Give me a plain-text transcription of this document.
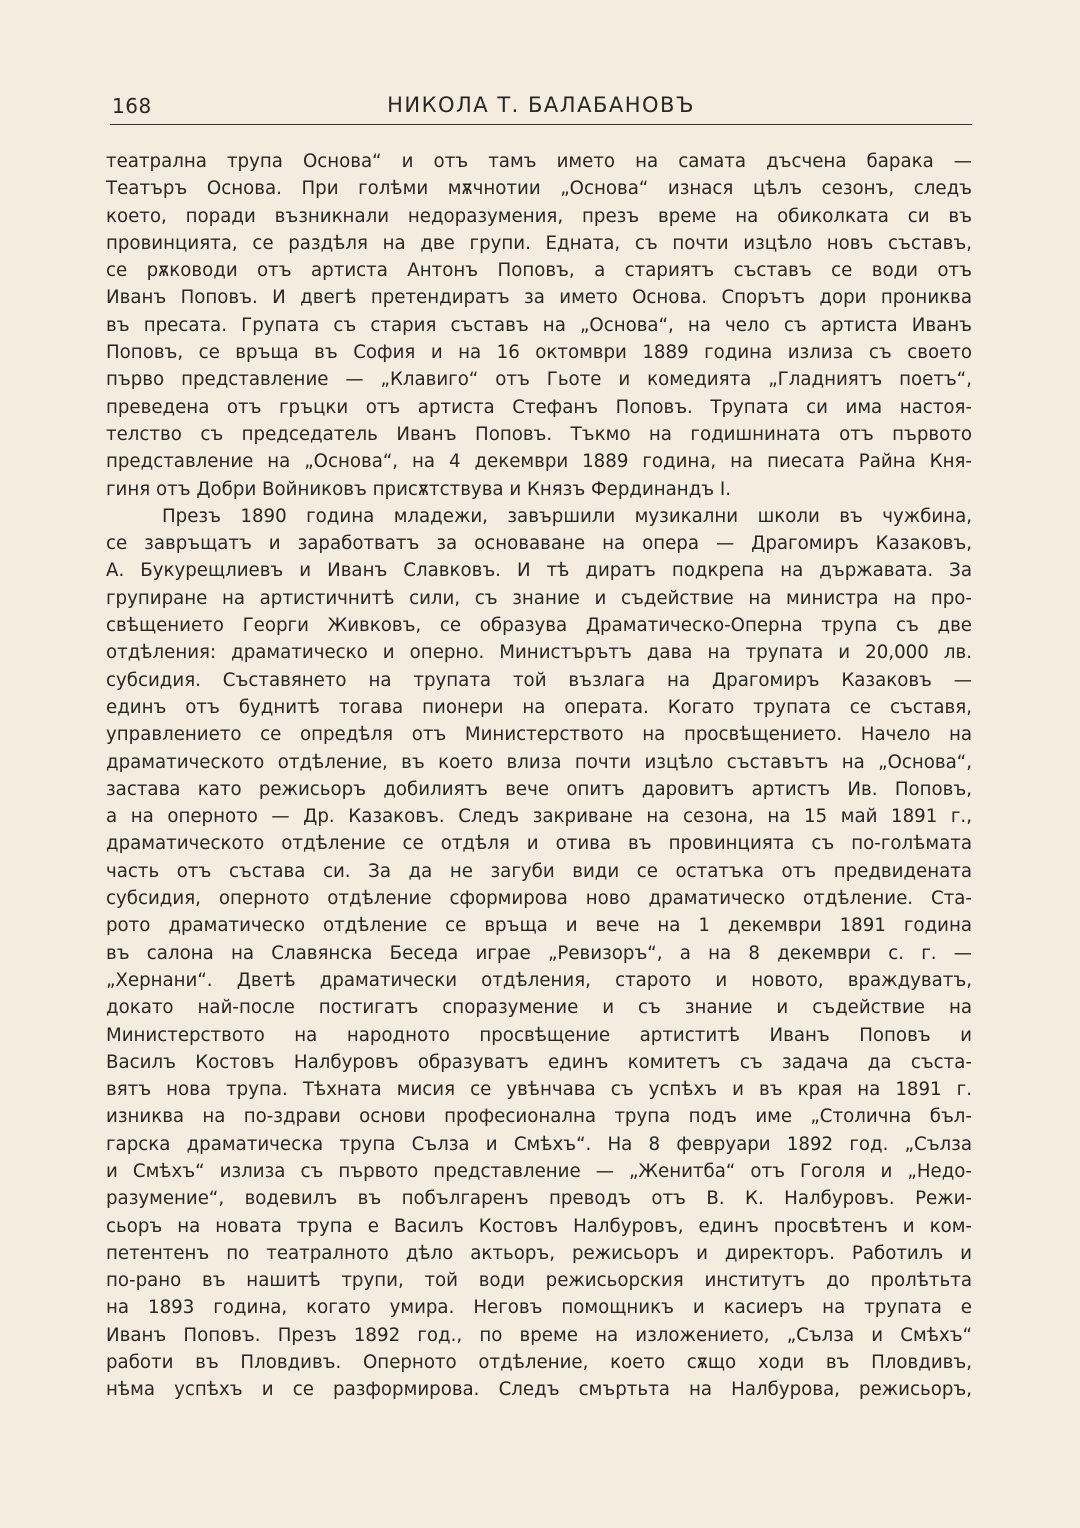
168	НИКОЛА Т. БАЛАБАНОВЪ
театрална трупа Основа“ и отъ тамъ името на самата дъсчена барака —
Театъръ Основа. При голѣми мѫчнотии „Основа“ изнася цѣлъ сезонъ, следъ
което, поради възникнали недоразумения, презъ време на обиколката си въ
провинцията, се раздѣля на две групи. Едната, съ почти изцѣло новъ съставъ,
се рѫководи отъ артиста Антонъ Поповъ, а стариятъ съставъ се води отъ
Иванъ Поповъ. И двегѣ претендиратъ за името Основа. Спорътъ дори прониква
въ пресата. Групата съ стария съставъ на „Основа“, на чело съ артиста Иванъ
Поповъ, се връща въ София и на 16 октомври 1889 година излиза съ своето
първо представление — „Клавиго“ отъ Гьоте и комедията „Гладниятъ поетъ“,
преведена отъ гръцки отъ артиста Стефанъ Поповъ. Трупата си има настоя-
телство съ председатель Иванъ Поповъ. Тъкмо на годишнината отъ първото
представление на „Основа“, на 4 декември 1889 година, на пиесата Райна Кня-
гиня отъ Добри Войниковъ присѫтствува и Князъ Фердинандъ I.
Презъ 1890 година младежи, завършили музикални школи въ чужбина,
се завръщатъ и заработватъ за основаване на опера — Драгомиръ Казаковъ,
А. Букурещлиевъ и Иванъ Славковъ. И тѣ диратъ подкрепа на държавата. За
групиране на артистичнитѣ сили, съ знание и съдействие на министра на про-
свѣщението Георги Живковъ, се образува Драматическо-Оперна трупа съ две
отдѣления: драматическо и оперно. Министърътъ дава на трупата и 20,000 лв.
субсидия. Съставянето на трупата той възлага на Драгомиръ Казаковъ —
единъ отъ буднитѣ тогава пионери на операта. Когато трупата се съставя,
управлението се опредѣля отъ Министерството на просвѣщението. Начело на
драматическото отдѣление, въ което влиза почти изцѣло съставътъ на „Основа“,
застава като режисьоръ добилиятъ вече опитъ даровитъ артистъ Ив. Поповъ,
а на оперното — Др. Казаковъ. Следъ закриване на сезона, на 15 май 1891 г.,
драматическото отдѣление се отдѣля и отива въ провинцията съ по-голѣмата
часть отъ състава си. За да не загуби види се остатъка отъ предвидената
субсидия, оперното отдѣление сформирова ново драматическо отдѣление. Ста-
рото драматическо отдѣление се връща и вече на 1 декември 1891 година
въ салона на Славянска Беседа играе „Ревизоръ“, а на 8 декември с. г. —
„Хернани“. Дветѣ драматически отдѣления, старото и новото, враждуватъ,
докато най-после постигатъ споразумение и съ знание и съдействие на
Министерството на народното просвѣщение артиститѣ Иванъ Поповъ и
Василъ Костовъ Налбуровъ образуватъ единъ комитетъ съ задача да съста-
вятъ нова трупа. Тѣхната мисия се увѣнчава съ успѣхъ и въ края на 1891 г.
изниква на по-здрави основи професионална трупа подъ име „Столична бъл-
гарска драматическа трупа Сълза и Смѣхъ“. На 8 февруари 1892 год. „Сълза
и Смѣхъ“ излиза съ първото представление — „Женитба“ отъ Гоголя и „Недо-
разумение“, водевилъ въ побългаренъ преводъ отъ В. К. Налбуровъ. Режи-
сьоръ на новата трупа е Василъ Костовъ Налбуровъ, единъ просвѣтенъ и ком-
петентенъ по театралното дѣло актьоръ, режисьоръ и директоръ. Работилъ и
по-рано въ нашитѣ трупи, той води режисьорския институтъ до пролѣтьта
на 1893 година, когато умира. Неговъ помощникъ и касиеръ на трупата е
Иванъ Поповъ. Презъ 1892 год., по време на изложението, „Сълза и Смѣхъ“
работи въ Пловдивъ. Оперното отдѣление, което сѫщо ходи въ Пловдивъ,
нѣма успѣхъ и се разформирова. Следъ смъртьта на Налбурова, режисьоръ,
